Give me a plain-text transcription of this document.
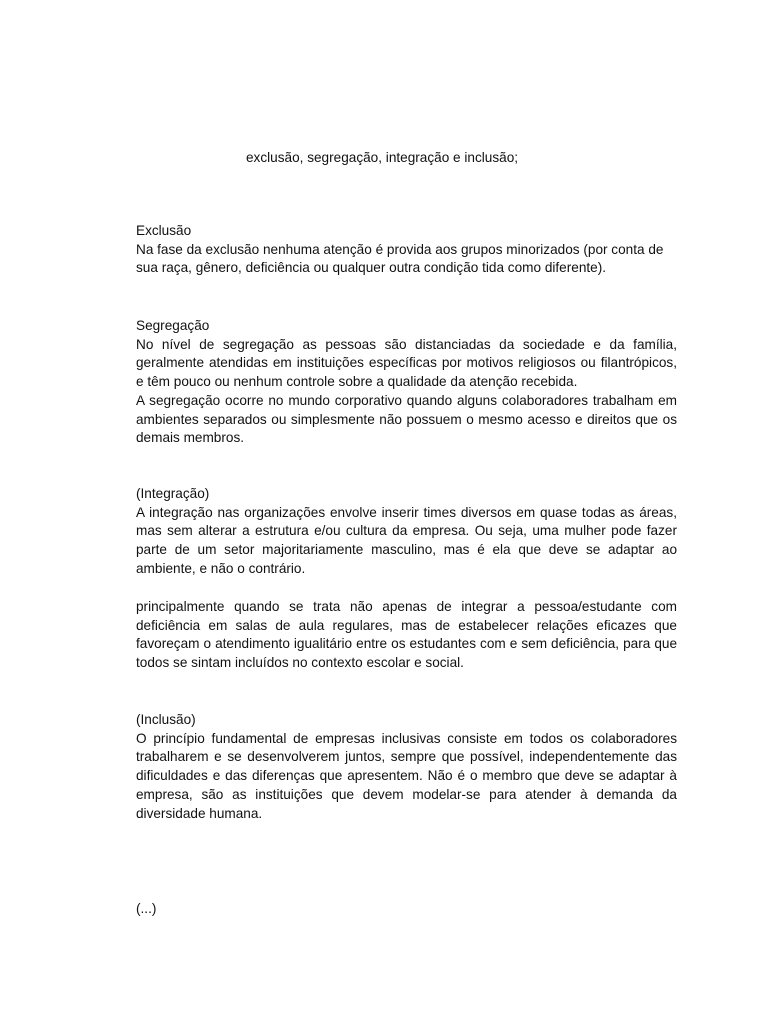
exclusão, segregação, integração e inclusão;

Exclusão

Na fase da exclusão nenhuma atenção é provida aos grupos minorizados (por conta de sua raça, gênero, deficiência ou qualquer outra condição tida como diferente).

Segregação

No nível de segregação as pessoas são distanciadas da sociedade e da família, geralmente atendidas em instituições específicas por motivos religiosos ou filantrópicos, e têm pouco ou nenhum controle sobre a qualidade da atenção recebida.

A segregação ocorre no mundo corporativo quando alguns colaboradores trabalham em ambientes separados ou simplesmente não possuem o mesmo acesso e direitos que os demais membros.

(Integração)

A integração nas organizações envolve inserir times diversos em quase todas as áreas, mas sem alterar a estrutura e/ou cultura da empresa. Ou seja, uma mulher pode fazer parte de um setor majoritariamente masculino, mas é ela que deve se adaptar ao ambiente, e não o contrário.

principalmente quando se trata não apenas de integrar a pessoa/estudante com deficiência em salas de aula regulares, mas de estabelecer relações eficazes que favoreçam o atendimento igualitário entre os estudantes com e sem deficiência, para que todos se sintam incluídos no contexto escolar e social.

(Inclusão)

O princípio fundamental de empresas inclusivas consiste em todos os colaboradores trabalharem e se desenvolverem juntos, sempre que possível, independentemente das dificuldades e das diferenças que apresentem. Não é o membro que deve se adaptar à empresa, são as instituições que devem modelar-se para atender à demanda da diversidade humana.

(...)
